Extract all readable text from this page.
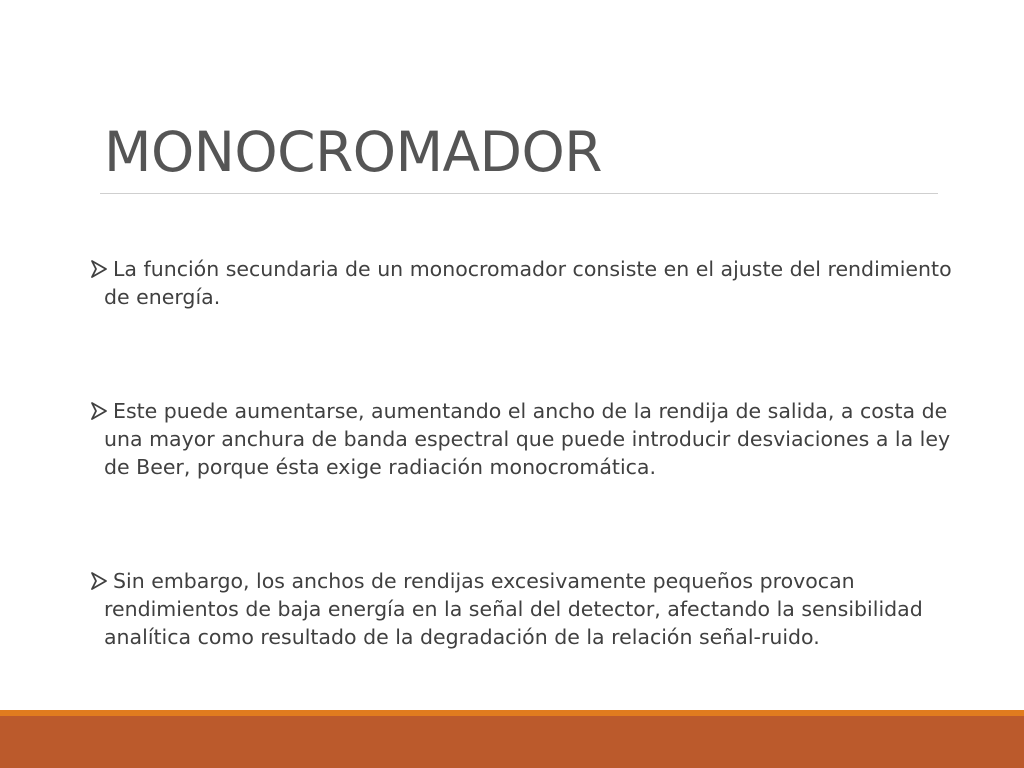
MONOCROMADOR
La función secundaria de un monocromador consiste en el ajuste del rendimiento de energía.
Este puede aumentarse, aumentando el ancho de la rendija de salida, a costa de una mayor anchura de banda espectral que puede introducir desviaciones a la ley de Beer, porque ésta exige radiación monocromática.
Sin embargo, los anchos de rendijas excesivamente pequeños provocan rendimientos de baja energía en la señal del detector, afectando la sensibilidad analítica como resultado de la degradación de la relación señal-ruido.
